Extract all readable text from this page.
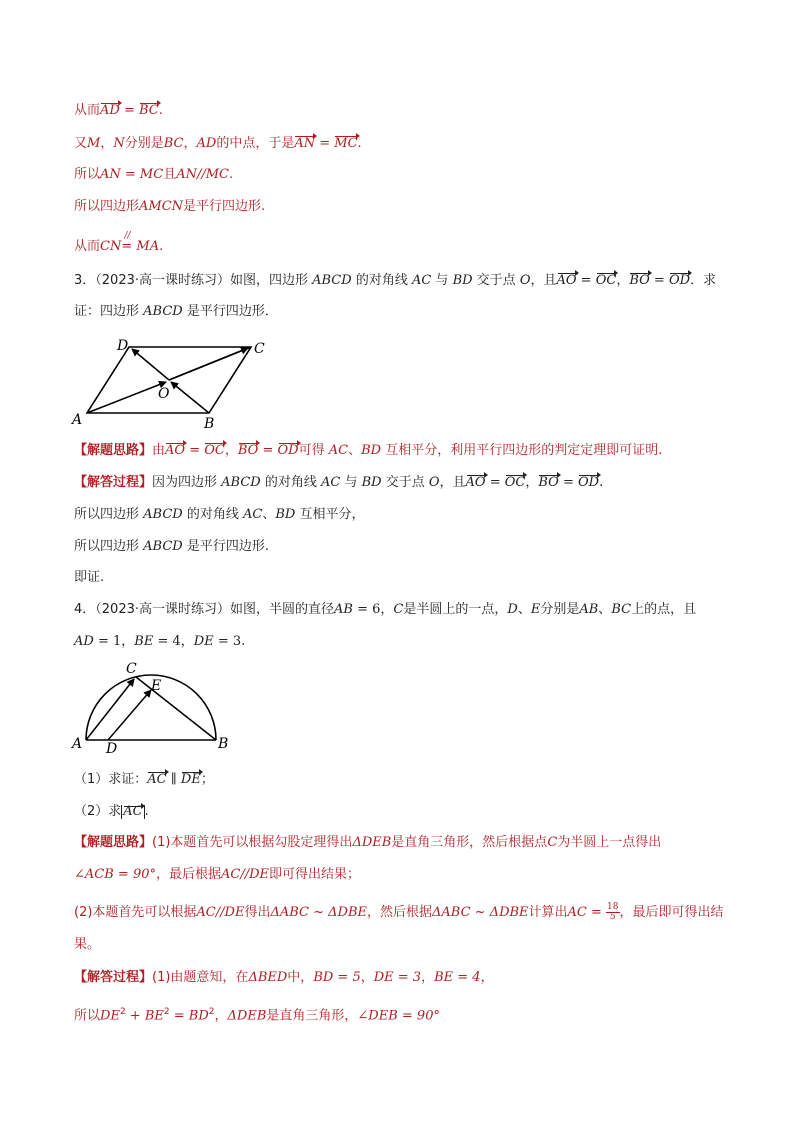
从而AD = BC.
又M，N分别是BC，AD的中点，于是AN = MC.
所以AN = MC且AN//MC.
所以四边形AMCN是平行四边形.
从而CN
//
= MA.
3．（2023·高一课时练习）如图，四边形 ABCD 的对角线 AC 与 BD 交于点 O，且AO = OC，BO = OD．求
证：四边形 ABCD 是平行四边形．
D	C
A	B
O
【解题思路】由AO = OC，BO = OD可得 AC、BD 互相平分，利用平行四边形的判定定理即可证明.
【解答过程】因为四边形 ABCD 的对角线 AC 与 BD 交于点 O，且AO = OC，BO = OD.
所以四边形 ABCD 的对角线 AC、BD 互相平分，
所以四边形 ABCD 是平行四边形.
即证.
4．（2023·高一课时练习）如图，半圆的直径AB = 6，C是半圆上的一点，D、E分别是AB、BC上的点，且
AD = 1，BE = 4，DE = 3.
C
E
A D	B
（1）求证：AC ∥ DE；
（2）求 AC .
【解题思路】(1)本题首先可以根据勾股定理得出ΔDEB是直角三角形，然后根据点C为半圆上一点得出
∠ACB = 90°，最后根据AC//DE即可得出结果；
(2)本题首先可以根据AC//DE得出ΔABC ~ ΔDBE，然后根据ΔABC ~ ΔDBE计算出AC = $\frac{18}{5}$ ，最后即可得出结
果。
【解答过程】(1)由题意知，在ΔBED中，BD = 5，DE = 3，BE = 4，
所以$DE^2 + BE^2 = BD^2$，ΔDEB是直角三角形，∠DEB = 90°
